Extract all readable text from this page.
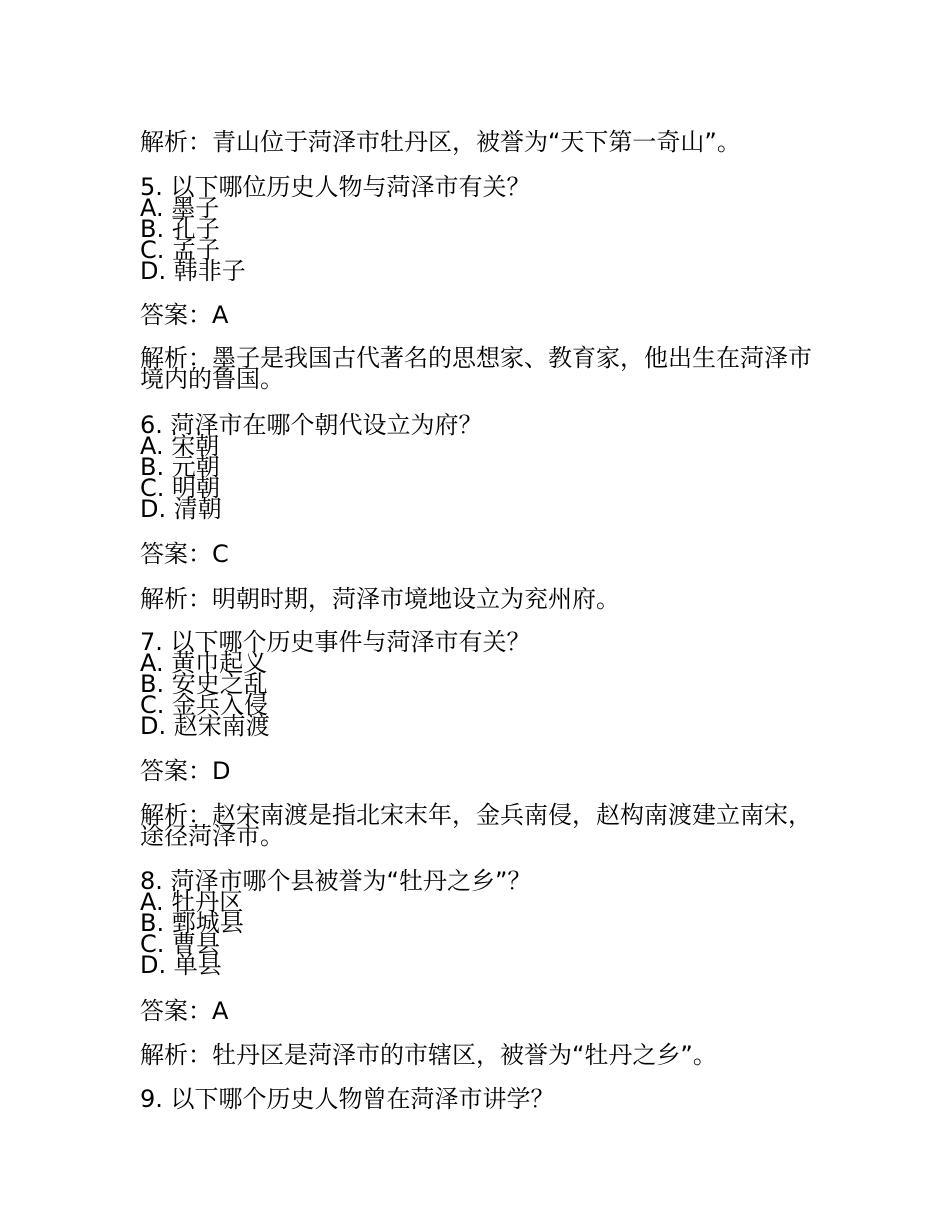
解析：青山位于菏泽市牡丹区，被誉为“天下第一奇山”。
5. 以下哪位历史人物与菏泽市有关？
A. 墨子
B. 孔子
C. 孟子
D. 韩非子
答案：A
解析：墨子是我国古代著名的思想家、教育家，他出生在菏泽市境内的鲁国。
6. 菏泽市在哪个朝代设立为府？
A. 宋朝
B. 元朝
C. 明朝
D. 清朝
答案：C
解析：明朝时期，菏泽市境地设立为兖州府。
7. 以下哪个历史事件与菏泽市有关？
A. 黄巾起义
B. 安史之乱
C. 金兵入侵
D. 赵宋南渡
答案：D
解析：赵宋南渡是指北宋末年，金兵南侵，赵构南渡建立南宋，途径菏泽市。
8. 菏泽市哪个县被誉为“牡丹之乡”？
A. 牡丹区
B. 鄄城县
C. 曹县
D. 单县
答案：A
解析：牡丹区是菏泽市的市辖区，被誉为“牡丹之乡”。
9. 以下哪个历史人物曾在菏泽市讲学？
